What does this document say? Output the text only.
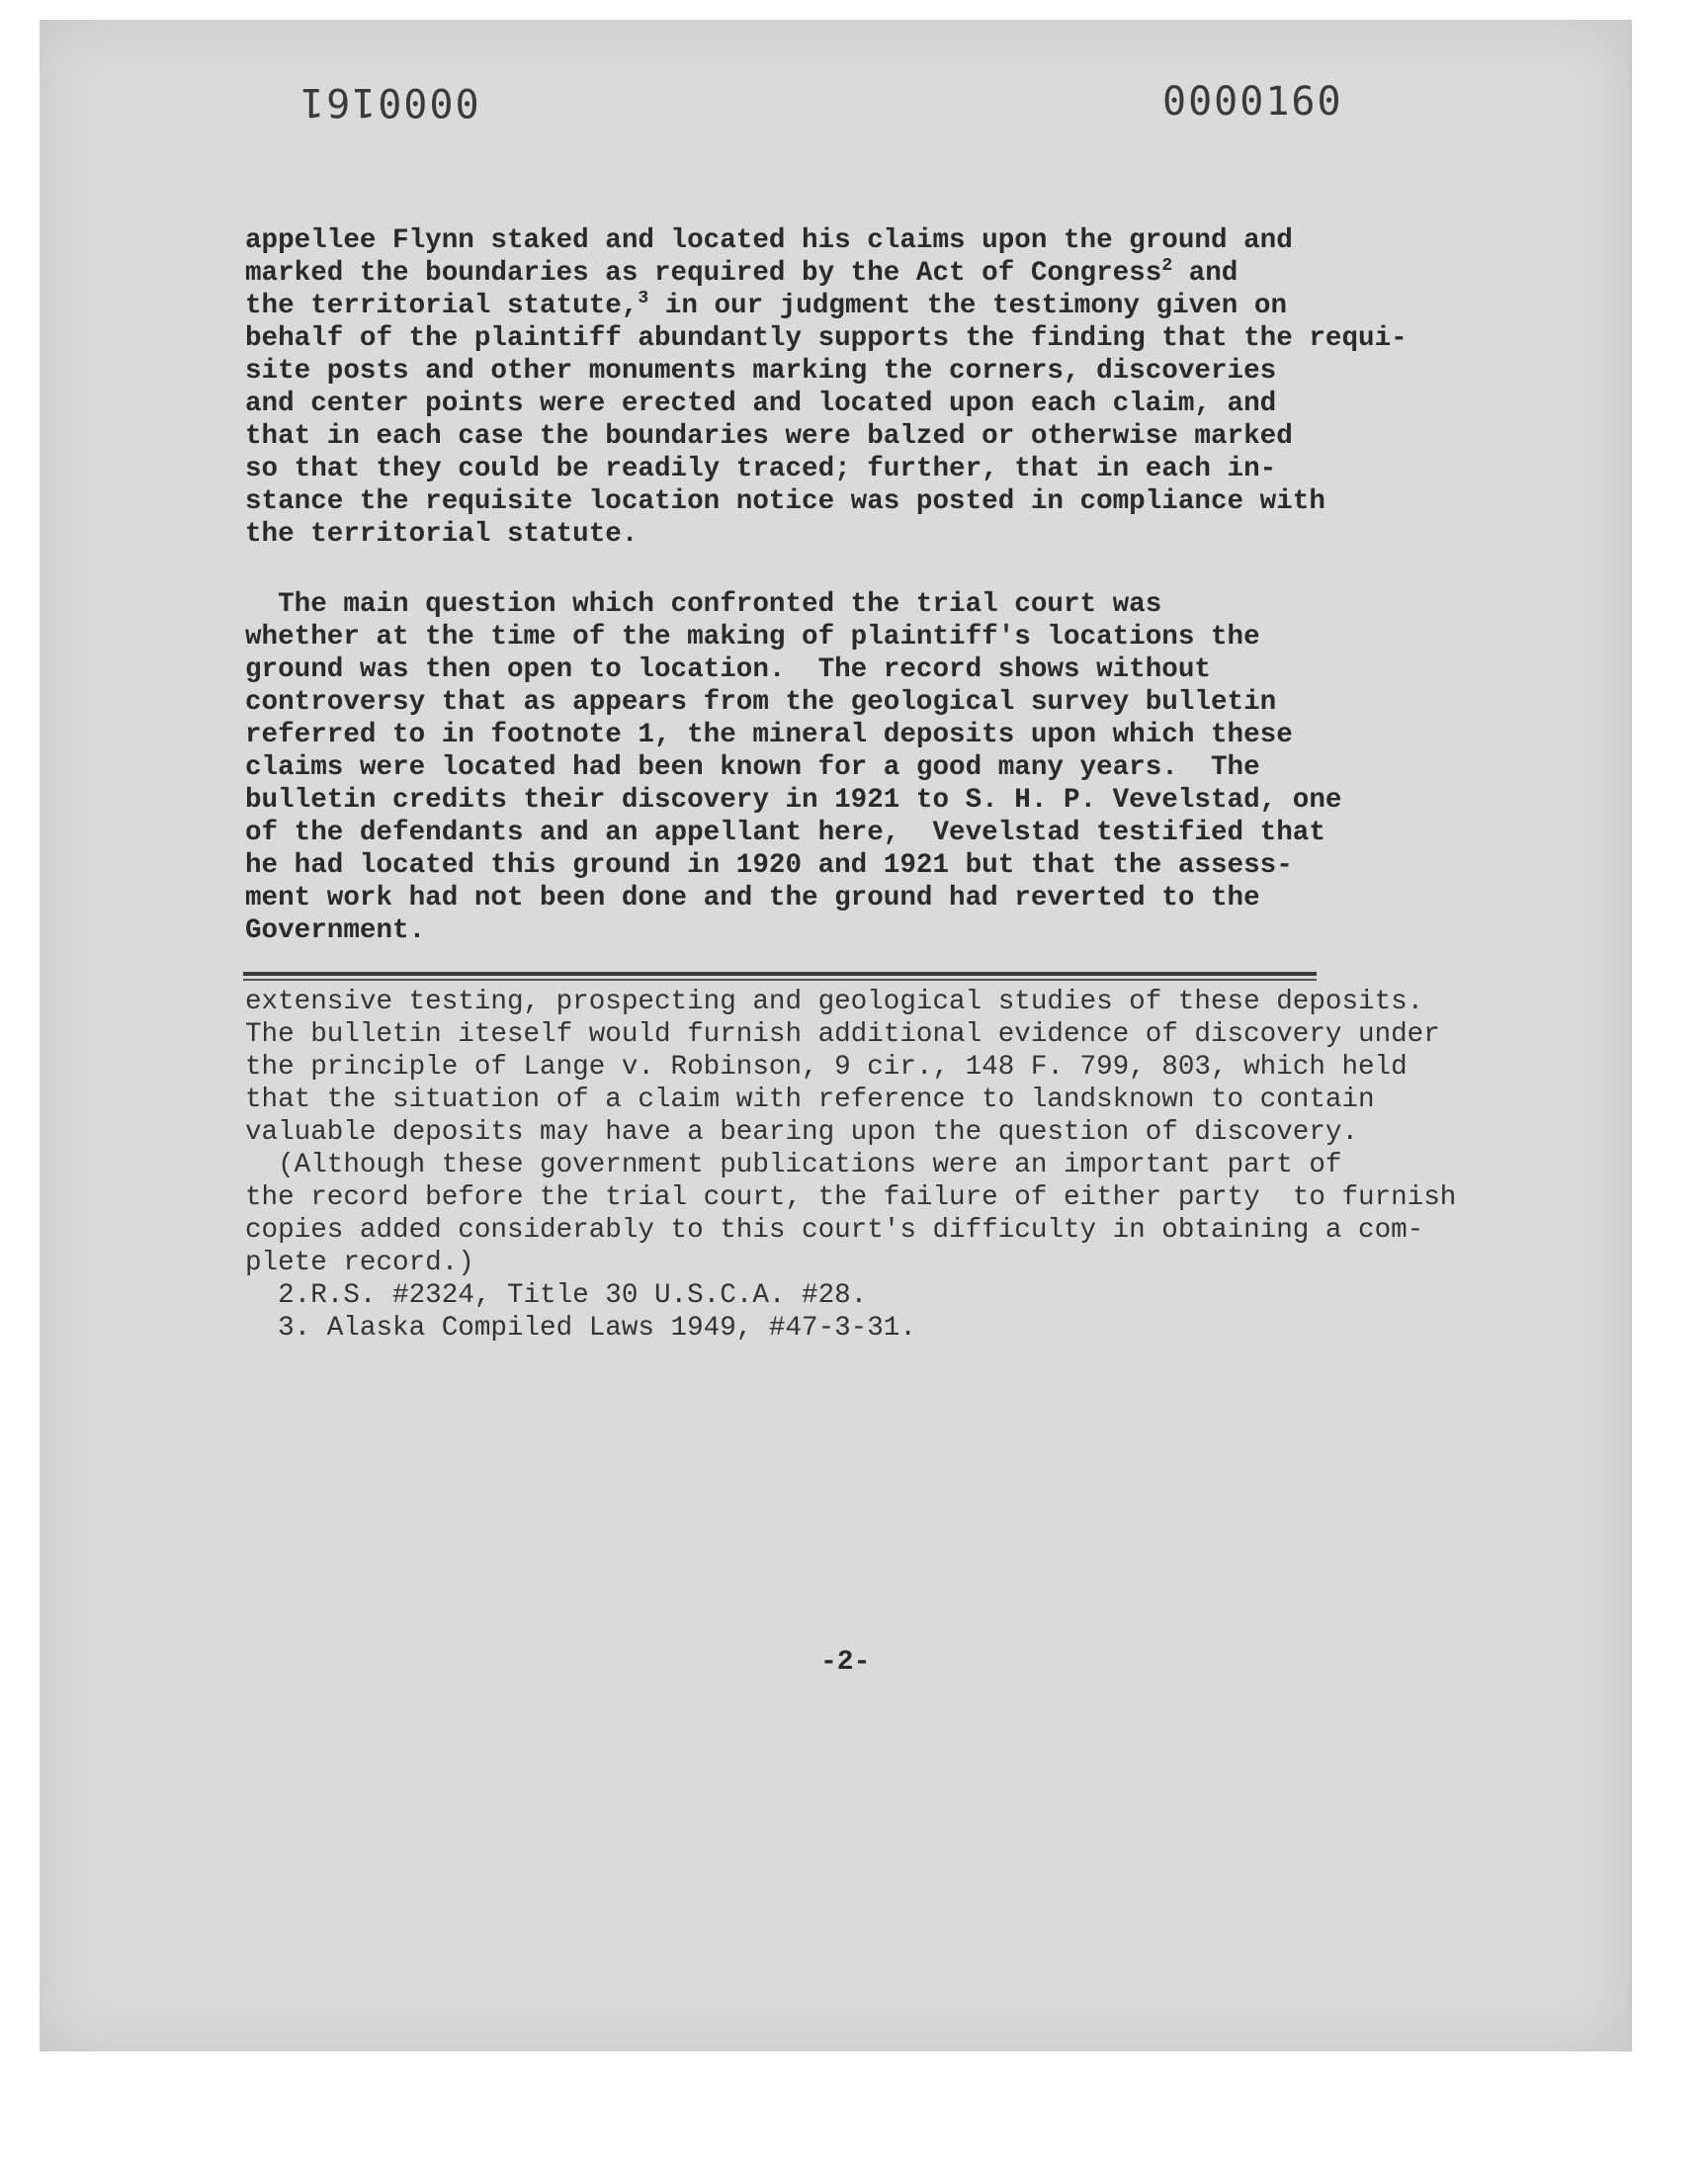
0000161	0000160
appellee Flynn staked and located his claims upon the ground and
marked the boundaries as required by the Act of Congress$^2$ and
the territorial statute,$^3$ in our judgment the testimony given on
behalf of the plaintiff abundantly supports the finding that the requi-
site posts and other monuments marking the corners, discoveries
and center points were erected and located upon each claim, and
that in each case the boundaries were balzed or otherwise marked
so that they could be readily traced; further, that in each in-
stance the requisite location notice was posted in compliance with
the territorial statute.
The main question which confronted the trial court was
whether at the time of the making of plaintiff's locations the
ground was then open to location.  The record shows without
controversy that as appears from the geological survey bulletin
referred to in footnote 1, the mineral deposits upon which these
claims were located had been known for a good many years.  The
bulletin credits their discovery in 1921 to S. H. P. Vevelstad, one
of the defendants and an appellant here,  Vevelstad testified that
he had located this ground in 1920 and 1921 but that the assess-
ment work had not been done and the ground had reverted to the
Government.
extensive testing, prospecting and geological studies of these deposits.
The bulletin iteself would furnish additional evidence of discovery under
the principle of Lange v. Robinson, 9 cir., 148 F. 799, 803, which held
that the situation of a claim with reference to landsknown to contain
valuable deposits may have a bearing upon the question of discovery.
(Although these government publications were an important part of
the record before the trial court, the failure of either party  to furnish
copies added considerably to this court's difficulty in obtaining a com-
plete record.)
2.R.S. #2324, Title 30 U.S.C.A. #28.
3. Alaska Compiled Laws 1949, #47-3-31.
-2-
